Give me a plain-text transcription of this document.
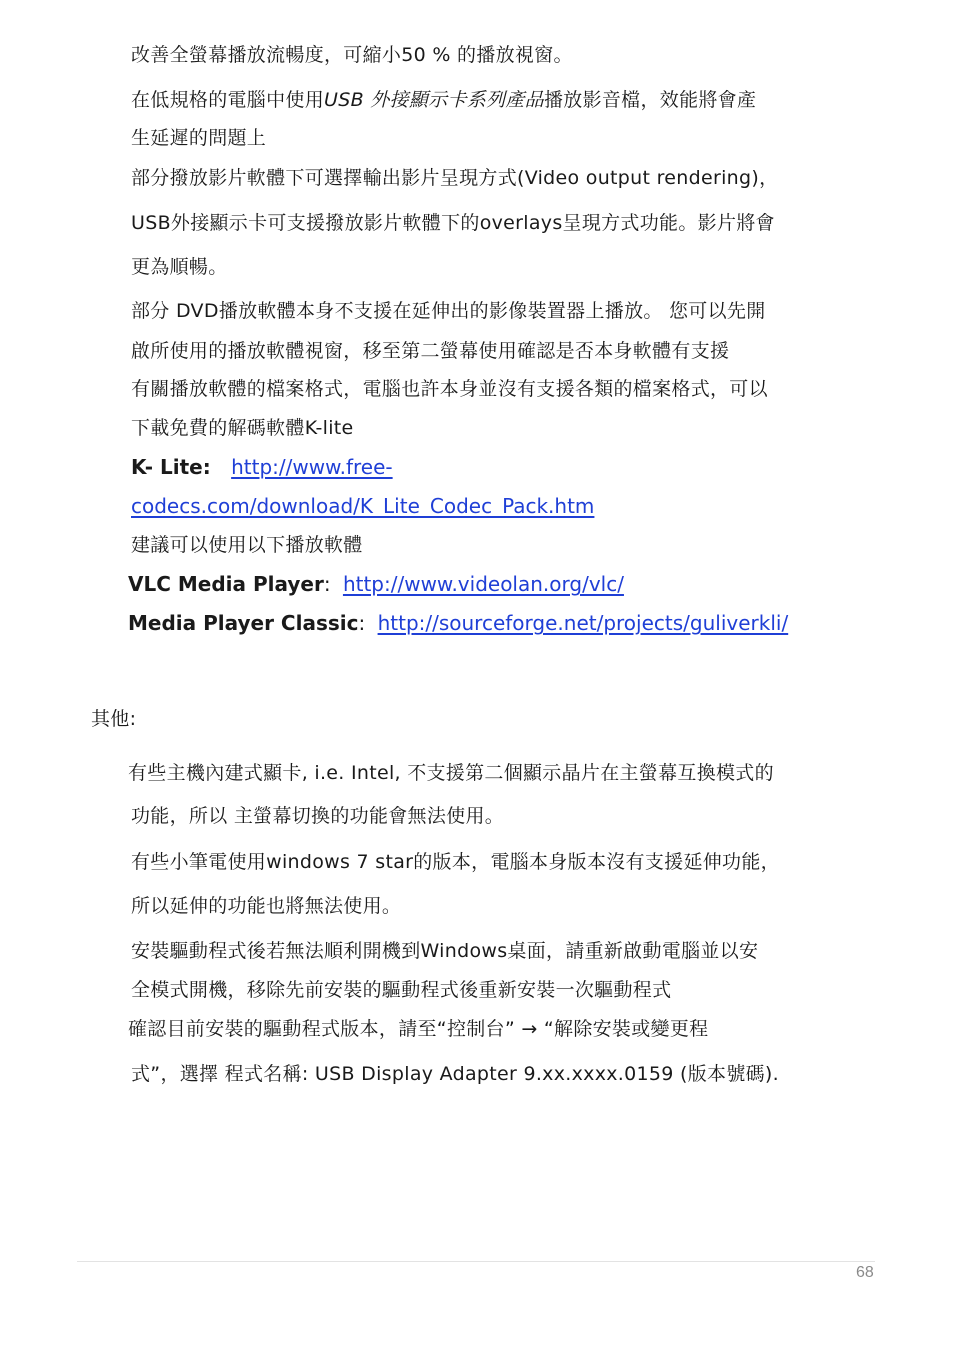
改善全螢幕播放流暢度，可縮小50 % 的播放視窗。
在低規格的電腦中使用USB 外接顯示卡系列產品播放影音檔，效能將會產
生延遲的問題上
部分撥放影片軟體下可選擇輸出影片呈現方式(Video output rendering)，
USB外接顯示卡可支援撥放影片軟體下的overlays呈現方式功能。影片將會
更為順暢。
部分 DVD播放軟體本身不支援在延伸出的影像裝置器上播放。 您可以先開
啟所使用的播放軟體視窗，移至第二螢幕使用確認是否本身軟體有支援
有關播放軟體的檔案格式，電腦也許本身並沒有支援各類的檔案格式，可以
下載免費的解碼軟體K-lite
K- Lite: http://www.free-
codecs.com/download/K_Lite_Codec_Pack.htm
建議可以使用以下播放軟體
VLC Media Player: http://www.videolan.org/vlc/
Media Player Classic: http://sourceforge.net/projects/guliverkli/
其他:
有些主機內建式顯卡, i.e. Intel, 不支援第二個顯示晶片在主螢幕互換模式的
功能，所以 主螢幕切換的功能會無法使用。
有些小筆電使用windows 7 star的版本，電腦本身版本沒有支援延伸功能，
所以延伸的功能也將無法使用。
安裝驅動程式後若無法順利開機到Windows桌面，請重新啟動電腦並以安
全模式開機，移除先前安裝的驅動程式後重新安裝一次驅動程式
確認目前安裝的驅動程式版本，請至“控制台” → “解除安裝或變更程
式”，選擇 程式名稱: USB Display Adapter 9.xx.xxxx.0159 (版本號碼).
68
